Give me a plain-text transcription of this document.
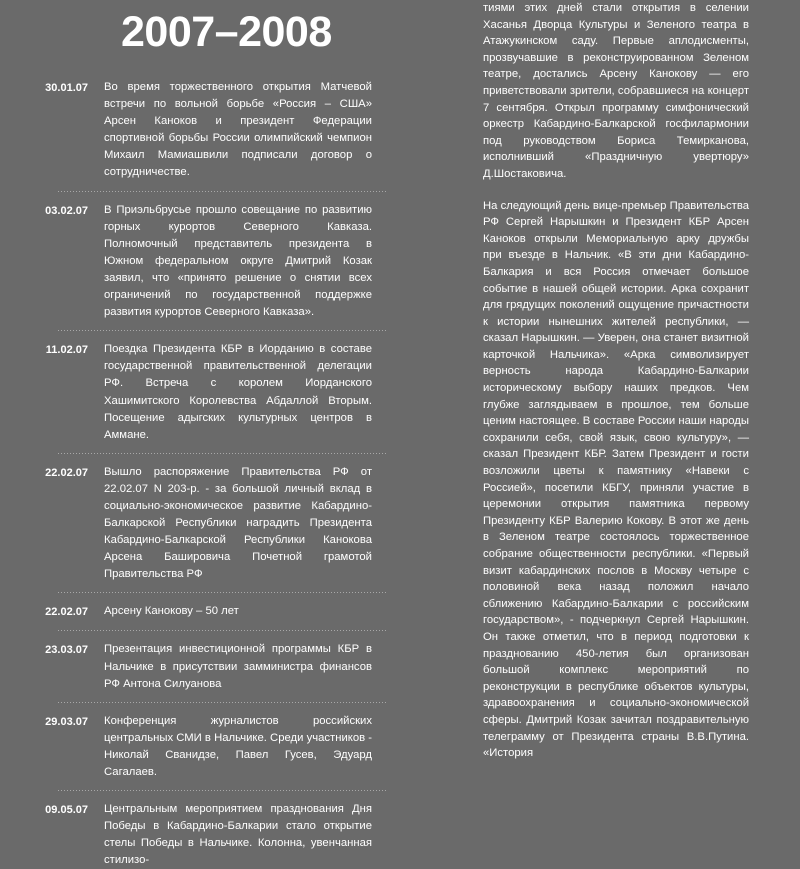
2007–2008
30.01.07	Во время торжественного открытия Матчевой встречи по вольной борьбе «Россия – США» Арсен Каноков и президент Федерации спортивной борьбы России олимпийский чемпион Михаил Мамиашвили подписали договор о сотрудничестве.
03.02.07	В Приэльбрусье прошло совещание по развитию горных курортов Северного Кавказа. Полномочный представитель президента в Южном федеральном округе Дмитрий Козак заявил, что «принято решение о снятии всех ограничений по государственной поддержке развития курортов Северного Кавказа».
11.02.07	Поездка Президента КБР в Иорданию в составе государственной правительственной делегации РФ. Встреча с королем Иорданского Хашимитского Королевства Абдаллой Вторым. Посещение адыгских культурных центров в Аммане.
22.02.07	Вышло распоряжение Правительства РФ от 22.02.07 N 203-р. - за большой личный вклад в социально-экономическое развитие Кабардино-Балкарской Республики наградить Президента Кабардино-Балкарской Республики Канокова Арсена Башировича Почетной грамотой Правительства РФ
22.02.07	Арсену Канокову – 50 лет
23.03.07	Презентация инвестиционной программы КБР в Нальчике в присутствии замминистра финансов РФ Антона Силуанова
29.03.07	Конференция журналистов российских центральных СМИ в Нальчике. Среди участников - Николай Сванидзе, Павел Гусев, Эдуард Сагалаев.
09.05.07	Центральным мероприятием празднования Дня Победы в Кабардино-Балкарии стало открытие стелы Победы в Нальчике. Колонна, увенчанная стилизо-

тиями этих дней стали открытия в селении Хасанья Дворца Культуры и Зеленого театра в Атажукинском саду. Первые аплодисменты, прозвучавшие в реконструированном Зеленом театре, достались Арсену Канокову — его приветствовали зрители, собравшиеся на концерт 7 сентября. Открыл программу симфонический оркестр Кабардино-Балкарской госфилармонии под руководством Бориса Темирканова, исполнивший «Праздничную увертюру» Д.Шостаковича.

На следующий день вице-премьер Правительства РФ Сергей Нарышкин и Президент КБР Арсен Каноков открыли Мемориальную арку дружбы при въезде в Нальчик. «В эти дни Кабардино-Балкария и вся Россия отмечает большое событие в нашей общей истории. Арка сохранит для грядущих поколений ощущение причастности к истории нынешних жителей республики, — сказал Нарышкин. — Уверен, она станет визитной карточкой Нальчика». «Арка символизирует верность народа Кабардино-Балкарии историческому выбору наших предков. Чем глубже заглядываем в прошлое, тем больше ценим настоящее. В составе России наши народы сохранили себя, свой язык, свою культуру», — сказал Президент КБР. Затем Президент и гости возложили цветы к памятнику «Навеки с Россией», посетили КБГУ, приняли участие в церемонии открытия памятника первому Президенту КБР Валерию Кокову. В этот же день в Зеленом театре состоялось торжественное собрание общественности республики. «Первый визит кабардинских послов в Москву четыре с половиной века назад положил начало сближению Кабардино-Балкарии с российским государством», - подчеркнул Сергей Нарышкин. Он также отметил, что в период подготовки к празднованию 450-летия был организован большой комплекс мероприятий по реконструкции в республике объектов культуры, здравоохранения и социально-экономической сферы. Дмитрий Козак зачитал поздравительную телеграмму от Президента страны В.В.Путина. «История
